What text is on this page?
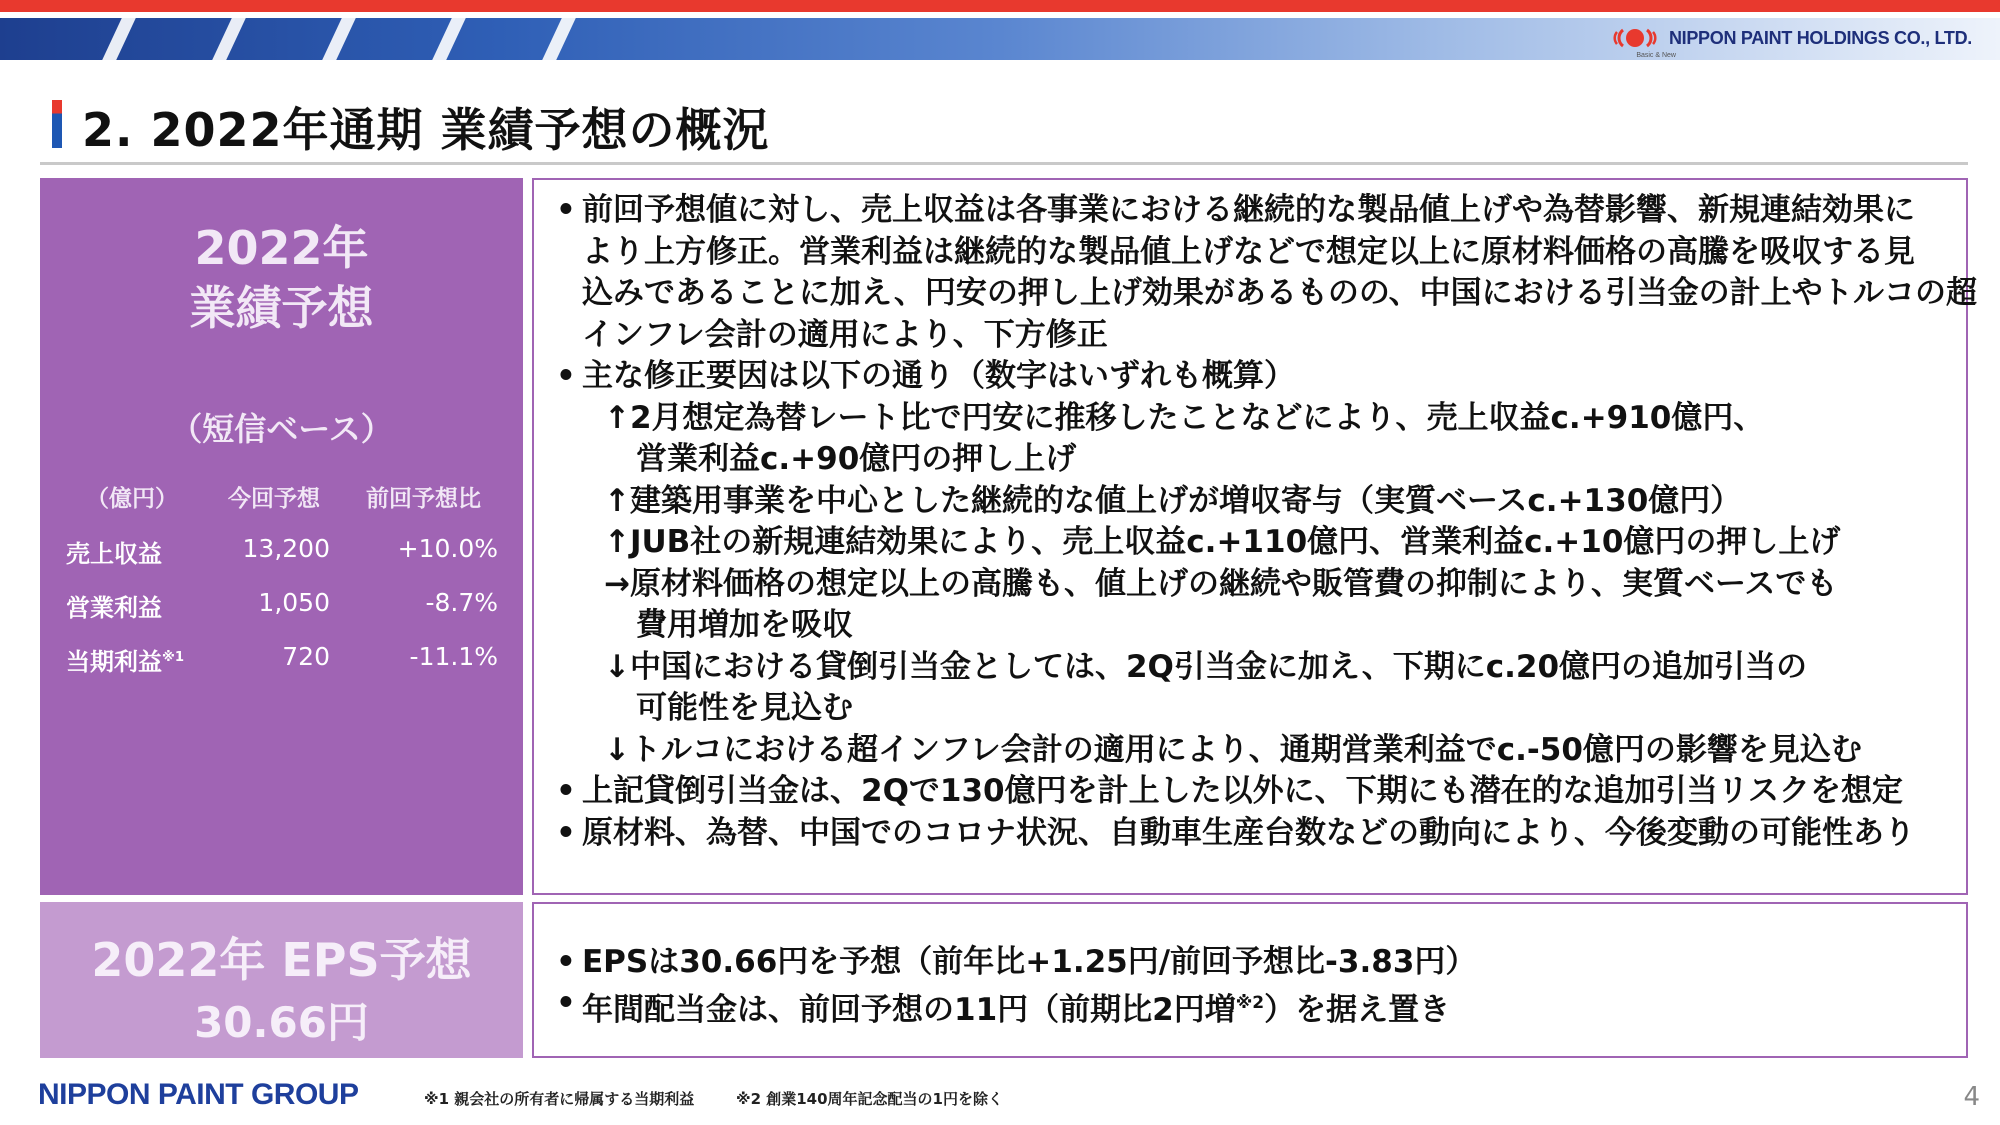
NIPPON PAINT HOLDINGS CO., LTD.
Basic & New
2. 2022年通期 業績予想の概況
2022年
業績予想
（短信ベース）
（億円） 今回予想 前回予想比
売上収益	13,200	+10.0%
営業利益	1,050	-8.7%
当期利益$^{※1}$	720	-11.1%
• 前回予想値に対し、売上収益は各事業における継続的な製品値上げや為替影響、新規連結効果に
より上方修正。営業利益は継続的な製品値上げなどで想定以上に原材料価格の高騰を吸収する見
込みであることに加え、円安の押し上げ効果があるものの、中国における引当金の計上やトルコの超
インフレ会計の適用により、下方修正
• 主な修正要因は以下の通り（数字はいずれも概算）
↑2月想定為替レート比で円安に推移したことなどにより、売上収益c.+910億円、
営業利益c.+90億円の押し上げ
↑建築用事業を中心とした継続的な値上げが増収寄与（実質ベースc.+130億円）
↑JUB社の新規連結効果により、売上収益c.+110億円、営業利益c.+10億円の押し上げ
→原材料価格の想定以上の高騰も、値上げの継続や販管費の抑制により、実質ベースでも
費用増加を吸収
↓中国における貸倒引当金としては、2Q引当金に加え、下期にc.20億円の追加引当の
可能性を見込む
↓トルコにおける超インフレ会計の適用により、通期営業利益でc.-50億円の影響を見込む
• 上記貸倒引当金は、2Qで130億円を計上した以外に、下期にも潜在的な追加引当リスクを想定
• 原材料、為替、中国でのコロナ状況、自動車生産台数などの動向により、今後変動の可能性あり
2022年 EPS予想
30.66円
• EPSは30.66円を予想（前年比+1.25円/前回予想比-3.83円）
• 年間配当金は、前回予想の11円（前期比2円増$^{※2}$）を据え置き
NIPPON PAINT GROUP	※1 親会社の所有者に帰属する当期利益	※2 創業140周年記念配当の1円を除く	4
